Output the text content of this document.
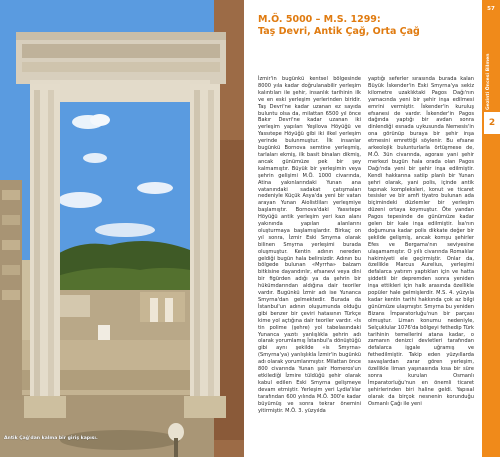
Antik Çağ'dan kalma bir giriş kapısı.
M.Ö. 5000 – M.S. 1299:
Taş Devri, Antik Çağ, Orta Çağ

İzmir'in bugünkü kentsel bölgesinde 8000 yıla kadar doğrulanabilir yerleşim kalıntıları ile şehir, insanlık tarihinin ilk ve en eski yerleşim yerlerinden biridir. Taş Devri'ne kadar uzanan ez sayıda buluntu olsa da, milattan 6500 yıl önce Bakır Devri'ne kadar uzanan iki yerleşim yapıları Yeşilova Höyüğü ve Yassıtepe Höyüğü gibi iki ilkel yerleşim yerinde bulunmuştur. İlk insanlar bugünkü Bornova semtine yerleşmiş, tarlaları ekmiş, ilk basit binaları dikmiş, ancak günümüze pek bir şey kalmamıştır. Büyük bir yerleşimin veya şehrin gelişimi M.Ö. 1000 civarında, Atina yakınlarındaki Yunan ana vatanındaki sadakat çatışmaları nedeniyle Küçük Asya'da yeni bir vatan arayan Yunan Aiolistliları yerleşmiye başlamıştır. Bornova'daki Yassıtepe Höyüğü antik yerleşim yeri kazı alanı yakınında yapılan alanlarını oluşturmaya başlamışlardır. Birkaç on yıl sonra, İzmir Eski Smyrna olarak bilinen Smyrna yerleşimi burada oluşmuştur. Kentin adının nereden geldiği bugün hala belirsizdir. Adının bu bölgede bulunan «Myrrha» balzam bitkisine dayandırılır, efsanevi veya dini bir figürden adığı ya da şehrin bir hükümdarından aldığına dair teoriler vardır. Bugünkü İzmir adı ise Yunanca Smyrna'dan gelmektedir. Burada da İstanbul'un adının oluşumunda olduğu gibi benzer bir çeviri hatasının Türkçe kime yol açtığına dair teoriler vardır. «Is tin polime (şehre) yol tabelasındaki Yunanca yazıtı yanlışlıkla şehrin adı olarak yorumlamış İstanbul'a dönüştüğü gibi aynı şekilde «is Smyrna» (Smyrna'ya) yanlışlıkla İzmir'in bugünkü adı olarak yorumlanmıştır. Milattan önce 800 civarında Yunan şair Homeros'un etkilediği İzmire tüldüğü şehir olarak kabul edilen Eski Smyrna gelişmeye devam etmiştir. Yerleşim yeri Lydia'lılar tarafından 600 yılında M.Ö. 300'e kadar büyümüş ve sonra tekrar önemini yitirmiştir. M.Ö. 3. yüzyılda

yaptığı seferler sırasında burada kalan Büyük İskender'in Eski Smyrna'ya sekiz kilometre uzaklıktaki Pagos Dağı'nın yamacında yeni bir şehir inşa edilmesi emrini vermiştir. İskender'in kuruluş efsanesi de vardır. İskender'in Pagos dağında yaptığı bir avdan sonra dinlendiği esnada uykusunda Nemesis'in ona görünüp buraya bir şehir inşa etmesini emrettiği söylenir. Bu efsane arkeolojik bulunturlarla örtüşmese de, M.Ö. 3ün civarında, agorası yani şehir merkezi bugün hala orada olan Pagos Dağı'nda yeni bir şehir inşa edilmiştir. Kendi hakkarına satiip planlı bir Yunan şehri olarak, yani polis, içinde antik tapınak kompleksleri, konut ve ticaret tesisler ve bir amfi tiyatro bulunan ada biçimindeki düzlemler bir yerleşim düzeni ortaya koymuştur. Öte yandan Pagos tepesinde de günümüze kadar gelen bir kale inşa edilmiştir. İsa'nın doğumuna kadar polis dikkate değer bir şekilde gelişmiş, ancak komşu şehirler Efes ve Bergama'nın seviyesine ulaşamamıştır. O yıllı civarında Romalılar hakimiyeti ele geçirmiştir. Onlar da, özellikle Marcus Aurelius, yerleşimi defalarca yatırım yaptıkları için ve hatta şiddetli bir depremden sonra yeniden inşa ettikleri için halk arasında özellikle popüler hale gelmişlerdir. M.S. 4. yüzyıla kadar kentin tarihi hakkında çok az bilgi günümüze ulaşmıştır. Smyrna bu yeniden Bizans İmparatorluğu'nun bir parçası olmuştur. Liman konumu nedeniyle, Selçuklular 1076'da bölgeyi fethedip Türk tarihinin temellerini atana kadar, o zamanın denizci devletleri tarafından defalarca işgale uğramış ve fethedilmiştir. Takip eden yüzyıllarda savaşlardan zarar gören yerleşim, özellikle liman yaşınasında kısa bir süre sonra kurulan Osmanlı İmparatorluğu'nun en önemli ticaret şehirlerinden biri haline geldi. Yapısal olarak da birçok nesnenin korunduğu Osmanlı Çağı ile yeni

57
Gezinti Öncesi Bilmen
2
